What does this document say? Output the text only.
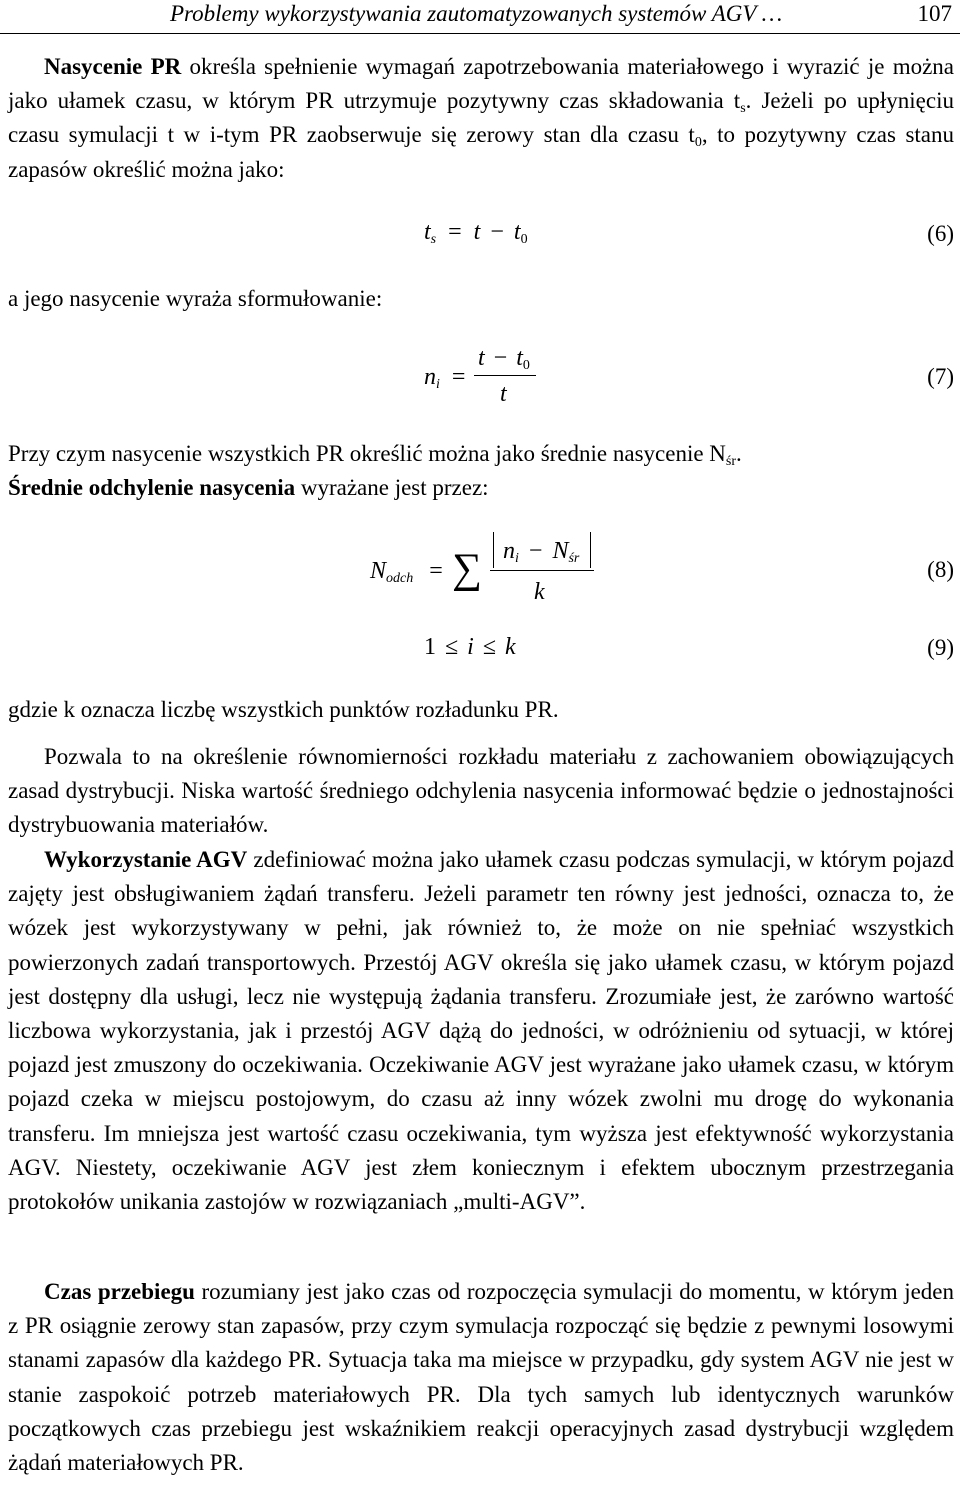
Problemy wykorzystywania zautomatyzowanych systemów AGV …	107

Nasycenie PR określa spełnienie wymagań zapotrzebowania materiałowego i wyrazić je można jako ułamek czasu, w którym PR utrzymuje pozytywny czas składowania $t_s$. Jeżeli po upłynięciu czasu symulacji t w i-tym PR zaobserwuje się zerowy stan dla czasu $t_0$, to pozytywny czas stanu zapasów określić można jako:

$t_s = t - t_0$	(6)
a jego nasycenie wyraża sformułowanie:
$n_i$ =
$t - t_0$
t
(7)
Przy czym nasycenie wszystkich PR określić można jako średnie nasycenie $N_{śr}$.
Średnie odchylenie nasycenia wyrażane jest przez:
$N_{odch}$ = ∑ $n_i - N_{śr}$
k
(8)
1 ≤ i ≤ k	(9)
gdzie k oznacza liczbę wszystkich punktów rozładunku PR.

Pozwala to na określenie równomierności rozkładu materiału z zachowaniem obowiązujących zasad dystrybucji. Niska wartość średniego odchylenia nasycenia informować będzie o jednostajności dystrybuowania materiałów.

Wykorzystanie AGV zdefiniować można jako ułamek czasu podczas symulacji, w którym pojazd zajęty jest obsługiwaniem żądań transferu. Jeżeli parametr ten równy jest jedności, oznacza to, że wózek jest wykorzystywany w pełni, jak również to, że może on nie spełniać wszystkich powierzonych zadań transportowych. Przestój AGV określa się jako ułamek czasu, w którym pojazd jest dostępny dla usługi, lecz nie występują żądania transferu. Zrozumiałe jest, że zarówno wartość liczbowa wykorzystania, jak i przestój AGV dążą do jedności, w odróżnieniu od sytuacji, w której pojazd jest zmuszony do oczekiwania. Oczekiwanie AGV jest wyrażane jako ułamek czasu, w którym pojazd czeka w miejscu postojowym, do czasu aż inny wózek zwolni mu drogę do wykonania transferu. Im mniejsza jest wartość czasu oczekiwania, tym wyższa jest efektywność wykorzystania AGV. Niestety, oczekiwanie AGV jest złem koniecznym i efektem ubocznym przestrzegania protokołów unikania zastojów w rozwiązaniach „multi-AGV”.

Czas przebiegu rozumiany jest jako czas od rozpoczęcia symulacji do momentu, w którym jeden z PR osiągnie zerowy stan zapasów, przy czym symulacja rozpocząć się będzie z pewnymi losowymi stanami zapasów dla każdego PR. Sytuacja taka ma miejsce w przypadku, gdy system AGV nie jest w stanie zaspokoić potrzeb materiałowych PR. Dla tych samych lub identycznych warunków początkowych czas przebiegu jest wskaźnikiem reakcji operacyjnych zasad dystrybucji względem żądań materiałowych PR.
